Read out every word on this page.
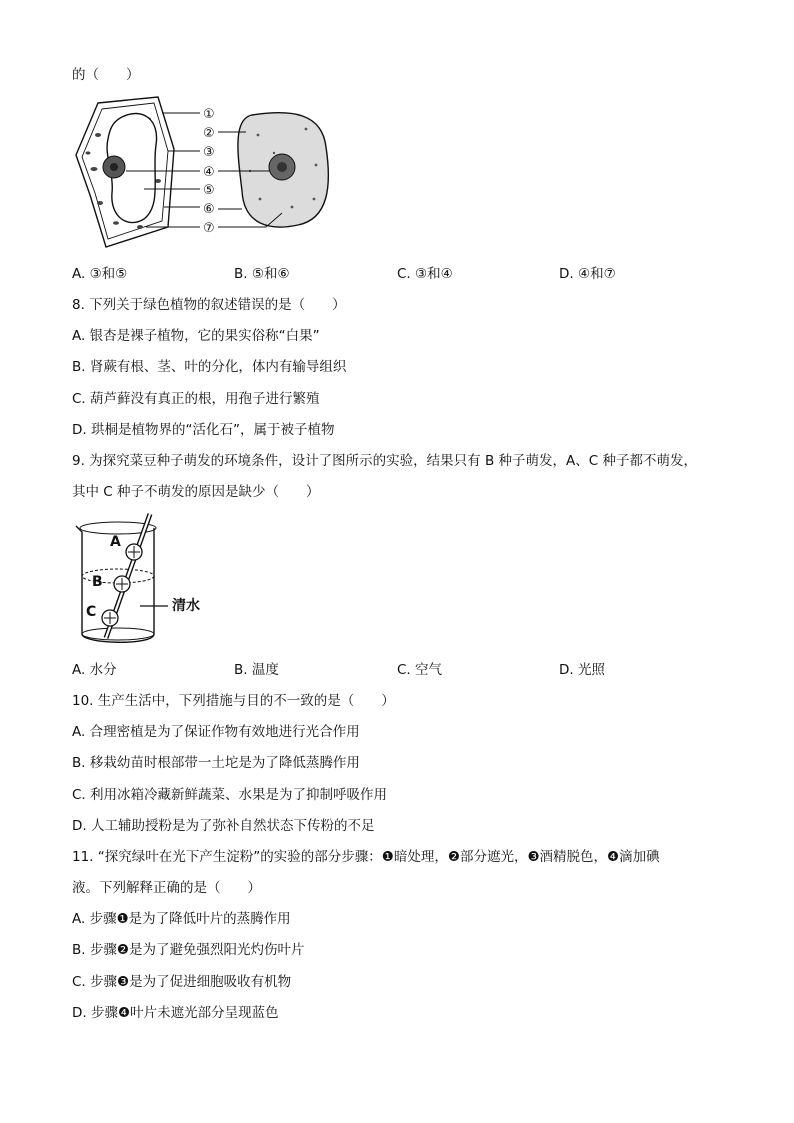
的（　　）
①
②
③
④
⑤
⑥
⑦
A. ③和⑤	B. ⑤和⑥	C. ③和④	D. ④和⑦
8. 下列关于绿色植物的叙述错误的是（　　）
A. 银杏是裸子植物，它的果实俗称“白果”
B. 肾蕨有根、茎、叶的分化，体内有输导组织
C. 葫芦藓没有真正的根，用孢子进行繁殖
D. 珙桐是植物界的“活化石”，属于被子植物
9. 为探究菜豆种子萌发的环境条件，设计了图所示的实验，结果只有 B 种子萌发，A、C 种子都不萌发，
其中 C 种子不萌发的原因是缺少（　　）
A
B
C	清水
A. 水分	B. 温度	C. 空气	D. 光照
10. 生产生活中，下列措施与目的不一致的是（　　）
A. 合理密植是为了保证作物有效地进行光合作用
B. 移栽幼苗时根部带一土坨是为了降低蒸腾作用
C. 利用冰箱冷藏新鲜蔬菜、水果是为了抑制呼吸作用
D. 人工辅助授粉是为了弥补自然状态下传粉的不足
11. “探究绿叶在光下产生淀粉”的实验的部分步骤：❶暗处理，❷部分遮光，❸酒精脱色，❹滴加碘
液。下列解释正确的是（　　）
A. 步骤❶是为了降低叶片的蒸腾作用
B. 步骤❷是为了避免强烈阳光灼伤叶片
C. 步骤❸是为了促进细胞吸收有机物
D. 步骤❹叶片未遮光部分呈现蓝色
